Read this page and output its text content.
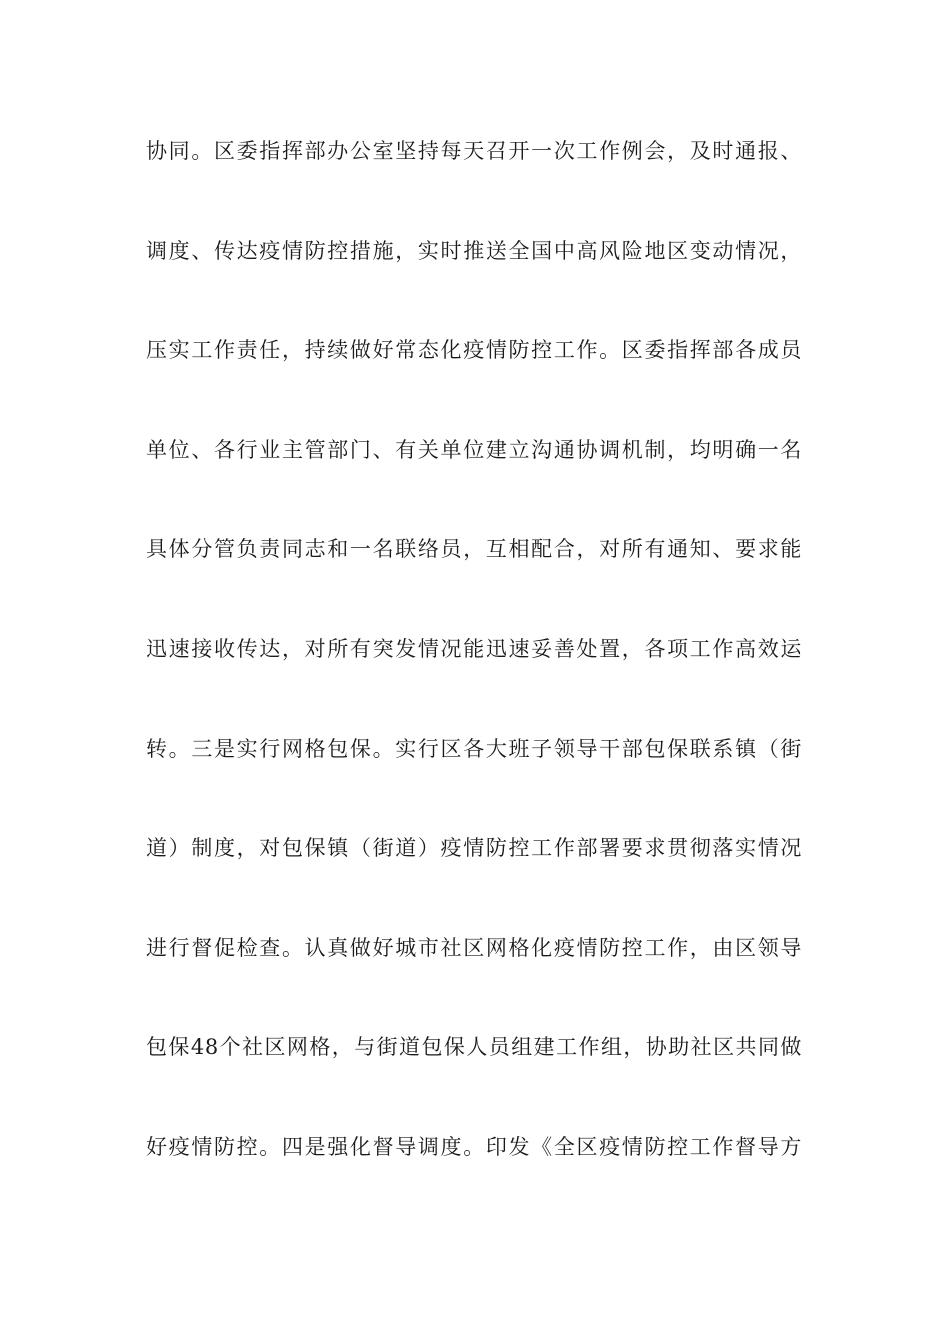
协同。区委指挥部办公室坚持每天召开一次工作例会，及时通报、
调度、传达疫情防控措施，实时推送全国中高风险地区变动情况，
压实工作责任，持续做好常态化疫情防控工作。区委指挥部各成员
单位、各行业主管部门、有关单位建立沟通协调机制，均明确一名
具体分管负责同志和一名联络员，互相配合，对所有通知、要求能
迅速接收传达，对所有突发情况能迅速妥善处置，各项工作高效运
转。三是实行网格包保。实行区各大班子领导干部包保联系镇（街
道）制度，对包保镇（街道）疫情防控工作部署要求贯彻落实情况
进行督促检查。认真做好城市社区网格化疫情防控工作，由区领导
包保48个社区网格，与街道包保人员组建工作组，协助社区共同做
好疫情防控。四是强化督导调度。印发《全区疫情防控工作督导方
